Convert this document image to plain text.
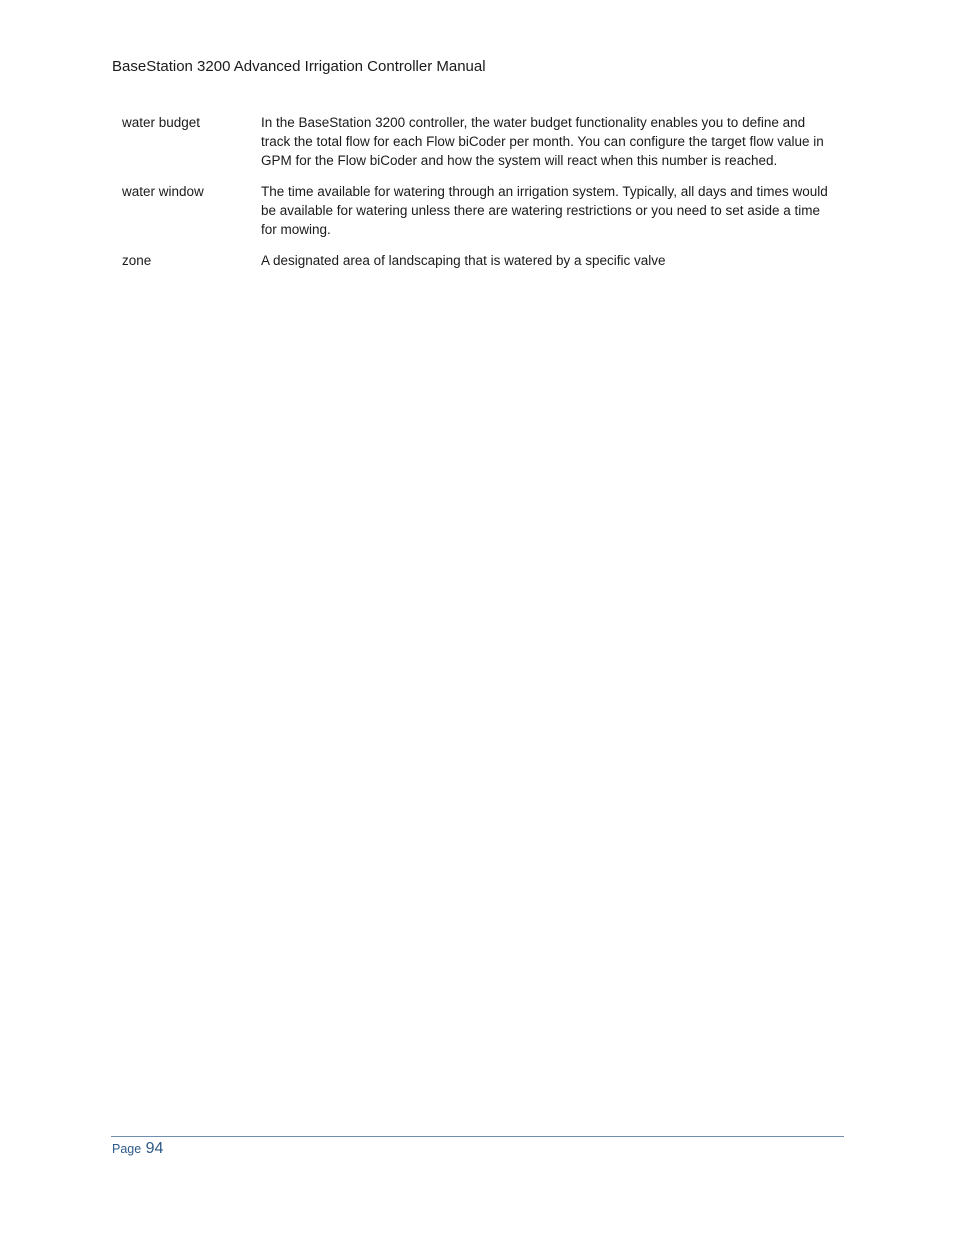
BaseStation 3200 Advanced Irrigation Controller Manual
water budget	In the BaseStation 3200 controller, the water budget functionality enables you to define and track the total flow for each Flow biCoder per month. You can configure the target flow value in GPM for the Flow biCoder and how the system will react when this number is reached.
water window	The time available for watering through an irrigation system. Typically, all days and times would be available for watering unless there are watering restrictions or you need to set aside a time for mowing.
zone	A designated area of landscaping that is watered by a specific valve
Page 94
